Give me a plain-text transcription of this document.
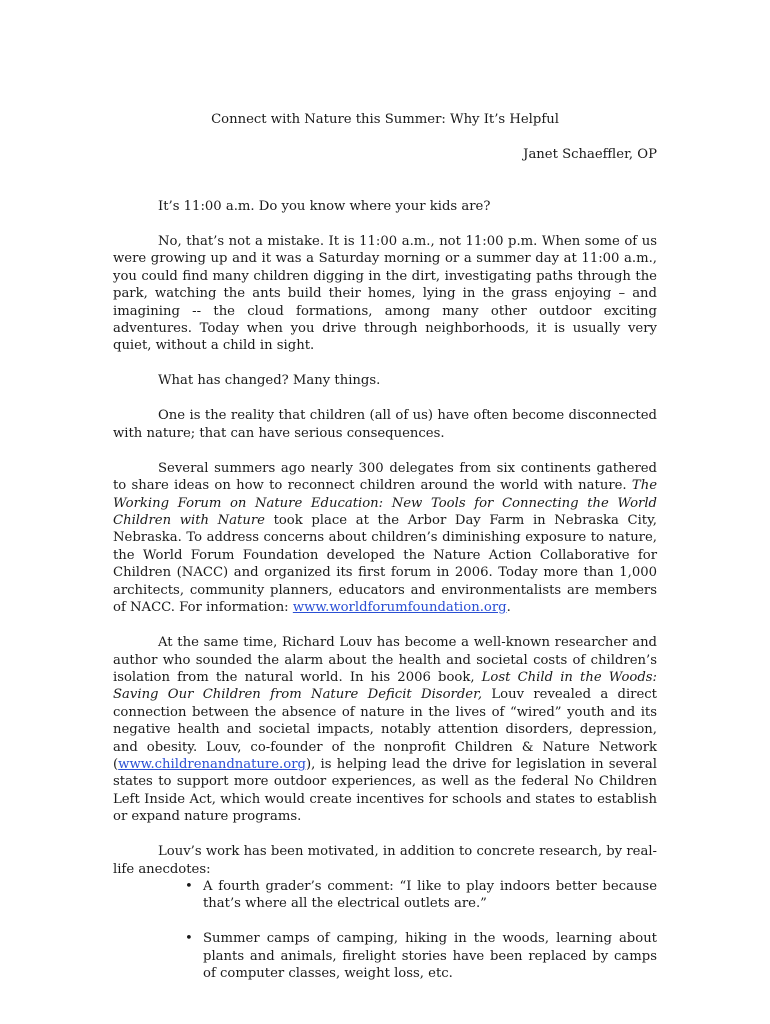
Connect with Nature this Summer: Why It’s Helpful
Janet Schaeffler, OP

It’s 11:00 a.m. Do you know where your kids are?

No, that’s not a mistake. It is 11:00 a.m., not 11:00 p.m. When some of us were growing up and it was a Saturday morning or a summer day at 11:00 a.m., you could find many children digging in the dirt, investigating paths through the park, watching the ants build their homes, lying in the grass enjoying – and imagining -- the cloud formations, among many other outdoor exciting adventures. Today when you drive through neighborhoods, it is usually very quiet, without a child in sight.

What has changed? Many things.

One is the reality that children (all of us) have often become disconnected with nature; that can have serious consequences.

Several summers ago nearly 300 delegates from six continents gathered to share ideas on how to reconnect children around the world with nature. The Working Forum on Nature Education: New Tools for Connecting the World Children with Nature took place at the Arbor Day Farm in Nebraska City, Nebraska. To address concerns about children’s diminishing exposure to nature, the World Forum Foundation developed the Nature Action Collaborative for Children (NACC) and organized its first forum in 2006. Today more than 1,000 architects, community planners, educators and environmentalists are members of NACC. For information: www.worldforumfoundation.org.

At the same time, Richard Louv has become a well-known researcher and author who sounded the alarm about the health and societal costs of children’s isolation from the natural world. In his 2006 book, Lost Child in the Woods: Saving Our Children from Nature Deficit Disorder, Louv revealed a direct connection between the absence of nature in the lives of “wired” youth and its negative health and societal impacts, notably attention disorders, depression, and obesity. Louv, co-founder of the nonprofit Children & Nature Network (www.childrenandnature.org), is helping lead the drive for legislation in several states to support more outdoor experiences, as well as the federal No Children Left Inside Act, which would create incentives for schools and states to establish or expand nature programs.

Louv’s work has been motivated, in addition to concrete research, by real-life anecdotes:

• A fourth grader’s comment: “I like to play indoors better because that’s where all the electrical outlets are.”
• Summer camps of camping, hiking in the woods, learning about plants and animals, firelight stories have been replaced by camps of computer classes, weight loss, etc.
